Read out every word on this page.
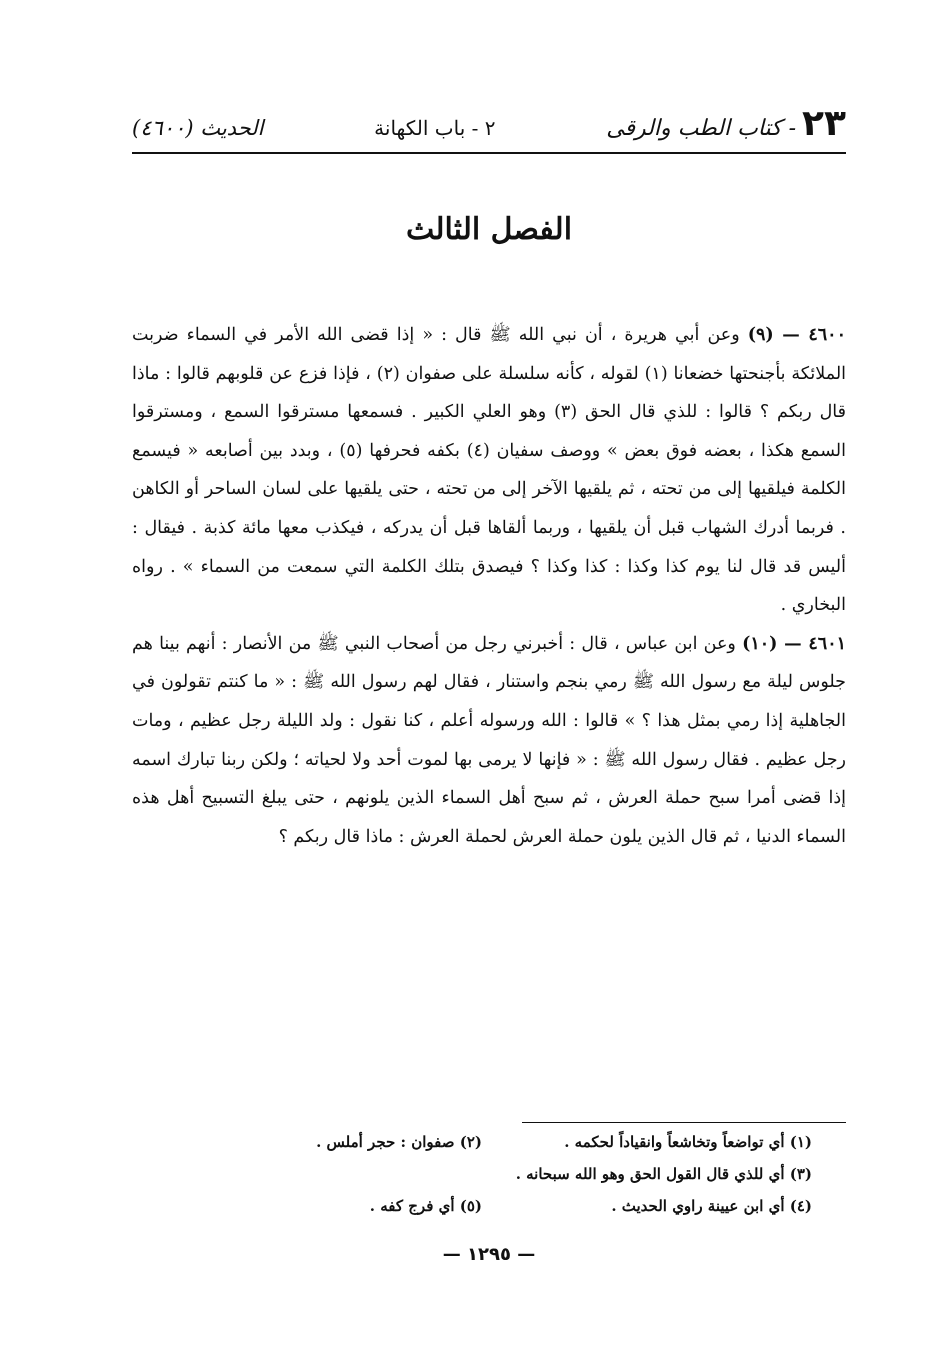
٢٣
- كتاب الطب والرقى
٢ - باب الكهانة
الحديث (٤٦٠٠)
الفصل الثالث

٤٦٠٠ — (٩) وعن أبي هريرة ، أن نبي الله ﷺ قال : « إذا قضى الله الأمر في السماء ضربت الملائكة بأجنحتها خضعانا (١) لقوله ، كأنه سلسلة على صفوان (٢) ، فإذا فزع عن قلوبهم قالوا : ماذا قال ربكم ؟ قالوا : للذي قال الحق (٣) وهو العلي الكبير . فسمعها مسترقوا السمع ، ومسترقوا السمع هكذا ، بعضه فوق بعض » ووصف سفيان (٤) بكفه فحرفها (٥) ، وبدد بين أصابعه « فيسمع الكلمة فيلقيها إلى من تحته ، ثم يلقيها الآخر إلى من تحته ، حتى يلقيها على لسان الساحر أو الكاهن . فربما أدرك الشهاب قبل أن يلقيها ، وربما ألقاها قبل أن يدركه ، فيكذب معها مائة كذبة . فيقال : أليس قد قال لنا يوم كذا وكذا : كذا وكذا ؟ فيصدق بتلك الكلمة التي سمعت من السماء » . رواه البخاري .

٤٦٠١ — (١٠) وعن ابن عباس ، قال : أخبرني رجل من أصحاب النبي ﷺ من الأنصار : أنهم بينا هم جلوس ليلة مع رسول الله ﷺ رمي بنجم واستنار ، فقال لهم رسول الله ﷺ : « ما كنتم تقولون في الجاهلية إذا رمي بمثل هذا ؟ » قالوا : الله ورسوله أعلم ، كنا نقول : ولد الليلة رجل عظيم ، ومات رجل عظيم . فقال رسول الله ﷺ : « فإنها لا يرمى بها لموت أحد ولا لحياته ؛ ولكن ربنا تبارك اسمه إذا قضى أمرا سبح حملة العرش ، ثم سبح أهل السماء الذين يلونهم ، حتى يبلغ التسبيح أهل هذه السماء الدنيا ، ثم قال الذين يلون حملة العرش لحملة العرش : ماذا قال ربكم ؟

(١) أي تواضعاً وتخاشعاً وانقياداً لحكمه .
(٢) صفوان : حجر أملس .
(٣) أي للذي قال القول الحق وهو الله سبحانه .
(٤) أي ابن عيينة راوي الحديث .
(٥) أي فرج كفه .
— ١٢٩٥ —
